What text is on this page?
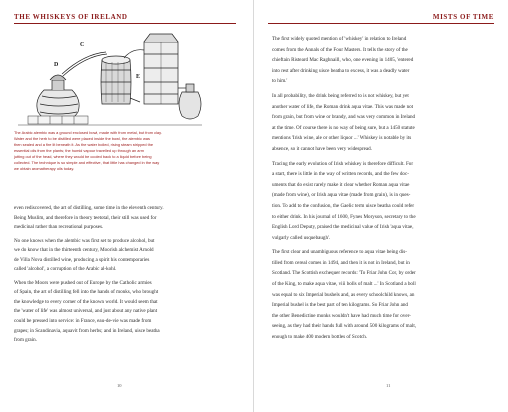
THE WHISKEYS OF IRELAND
D
C
E

The Arabic alembic was a ground enclosed bowl, made with from metal, but from clay.

Water and the herb to be distilled were placed inside the bowl, the alembic was

then sealed and a fire lit beneath it. As the water boiled, rising steam stripped the

essential oils from the plants; the humid vapour travelled up through an arm

jutting out of the head, where they would be cooled back to a liquid before being

collected. The technique is so simple and effective, that little has changed in the way

we obtain aromatherapy oils today.

even rediscovered, the art of distilling, some time in the eleventh century.
Being Muslim, and therefore in theory teetotal, their still was used for
medicinal rather than recreational purposes.
No one knows when the alembic was first set to produce alcohol, but
we do know that in the thirteenth century, Moorish alchemist Arnold
de Villa Nova distilled wine, producing a spirit his contemporaries
called 'alcohol', a corruption of the Arabic al-kohl.
When the Moors were pushed out of Europe by the Catholic armies
of Spain, the art of distilling fell into the hands of monks, who brought
the knowledge to every corner of the known world. It would seem that
the 'water of life' was almost universal, and just about any native plant
could be pressed into service: in France, eau-de-vie was made from
grapes; in Scandinavia, aquavit from herbs; and in Ireland, uisce beatha
from grain.
10
MISTS OF TIME
The first widely quoted mention of 'whiskey' in relation to Ireland
comes from the Annals of the Four Masters. It tells the story of the
chieftain Risteard Mac Raghnaill, who, one evening in 1405, 'entered
into rest after drinking uisce beatha to excess, it was a deadly water
to him.'
In all probability, the drink being referred to is not whiskey, but yet
another water of life, the Roman drink aqua vitae. This was made not
from grain, but from wine or brandy, and was very common in Ireland
at the time. Of course there is no way of being sure, but a 1450 statute
mentions 'Irish wine, ale or other liquor ...' Whiskey is notable by its
absence, so it cannot have been very widespread.
Tracing the early evolution of Irish whiskey is therefore difficult. For
a start, there is little in the way of written records, and the few doc-
uments that do exist rarely make it clear whether Roman aqua vitae
(made from wine), or Irish aqua vitae (made from grain), is in ques-
tion. To add to the confusion, the Gaelic term uisce beatha could refer
to either drink. In his journal of 1600, Fynes Moryson, secretary to the
English Lord Deputy, praised the medicinal value of Irish 'aqua vitae,
vulgarly called usquebaugh'.
The first clear and unambiguous reference to aqua vitae being dis-
tilled from cereal comes in 1494, and then it is not in Ireland, but in
Scotland. The Scottish exchequer records: 'To Friar John Cor, by order
of the King, to make aqua vitae, viii bolls of malt ...' In Scotland a boll
was equal to six Imperial bushels and, as every schoolchild knows, an
Imperial bushel is the best part of ten kilograms. So Friar John and
the other Benedictine monks wouldn't have had much time for over-
seeing, as they had their hands full with around 500 kilograms of malt,
enough to make 400 modern bottles of Scotch.
11
